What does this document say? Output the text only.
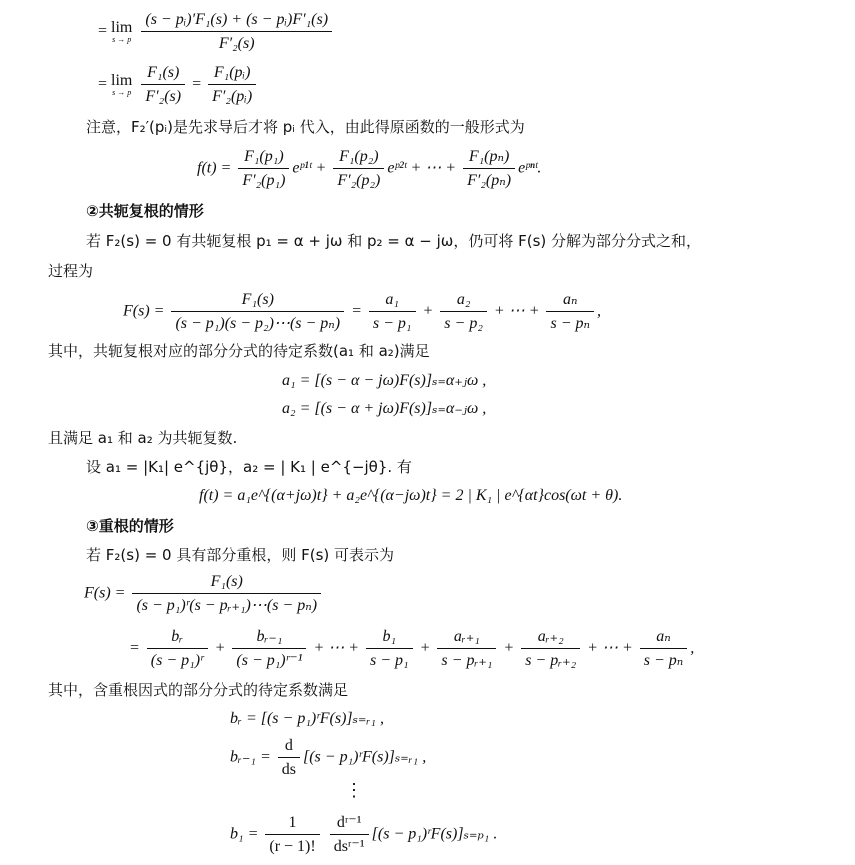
= lim
s → p
$\frac{\text{(s − pᵢ)′F₁(s) + (s − pᵢ)F′₁(s)}}{\text{F′₂(s)}}$
= lim
s → p
$\frac{\text{F₁(s)}}{\text{F′₂(s)}} = \frac{\text{F₁(pᵢ)}}{\text{F′₂(pᵢ)}}$
注意，F₂′(pᵢ)是先求导后才将 pᵢ 代入，由此得原函数的一般形式为
$f(t) = \frac{\text{F₁(p₁)}}{\text{F′₂(p₁)}}$ eᵖ¹ᵗ + $\frac{\text{F₁(p₂)}}{\text{F′₂(p₂)}}$ eᵖ²ᵗ + ⋯ + $\frac{\text{F₁(pₙ)}}{\text{F′₂(pₙ)}}$ eᵖⁿᵗ.
②共轭复根的情形
若 F₂(s) = 0 有共轭复根 p₁ = α + jω 和 p₂ = α − jω，仍可将 F(s) 分解为部分分式之和，
过程为
$F(s) = \frac{\text{F₁(s)}}{\text{(s − p₁)(s − p₂)⋯(s − pₙ)}} = \frac{\text{a₁}}{\text{s − p₁}} + \frac{\text{a₂}}{\text{s − p₂}}$ + ⋯ + $\frac{\text{aₙ}}{\text{s − pₙ}}$ ,
其中，共轭复根对应的部分分式的待定系数(a₁ 和 a₂)满足
a₁ = [(s − α − jω)F(s)]ₛ₌α₊ⱼω ,
a₂ = [(s − α + jω)F(s)]ₛ₌α₋ⱼω ,
且满足 a₁ 和 a₂ 为共轭复数.
设 a₁ = |K₁| e^{jθ}，a₂ = | K₁ | e^{−jθ}. 有
f(t) = a₁e^{(α+jω)t} + a₂e^{(α−jω)t} = 2 | K₁ | e^{αt}cos(ωt + θ).
③重根的情形
若 F₂(s) = 0 具有部分重根，则 F(s) 可表示为
$F(s) = \frac{\text{F₁(s)}}{\text{(s − p₁)ʳ(s − pᵣ₊₁)⋯(s − pₙ)}}$
= $\frac{\text{bᵣ}}{\text{(s − p₁)ʳ}} + \frac{\text{bᵣ₋₁}}{\text{(s − p₁)ʳ⁻¹}}$ + ⋯ + $\frac{\text{b₁}}{\text{s − p₁}} + \frac{\text{aᵣ₊₁}}{\text{s − pᵣ₊₁}} + \frac{\text{aᵣ₊₂}}{\text{s − pᵣ₊₂}}$ + ⋯ + $\frac{\text{aₙ}}{\text{s − pₙ}}$ ,
其中，含重根因式的部分分式的待定系数满足
bᵣ = [(s − p₁)ʳF(s)]ₛ₌ᵣ₁ ,
bᵣ₋₁ = $\frac{d}{ds} [(s$ − p₁)ʳF(s)]ₛ₌ᵣ₁ ,
⋮
$b_1 = \frac{1}{(r - 1)!}$
$\frac{\text{dʳ⁻¹}}{\text{dsʳ⁻¹}} [(s$ − p₁)ʳF(s)]ₛ₌ₚ₁ .
